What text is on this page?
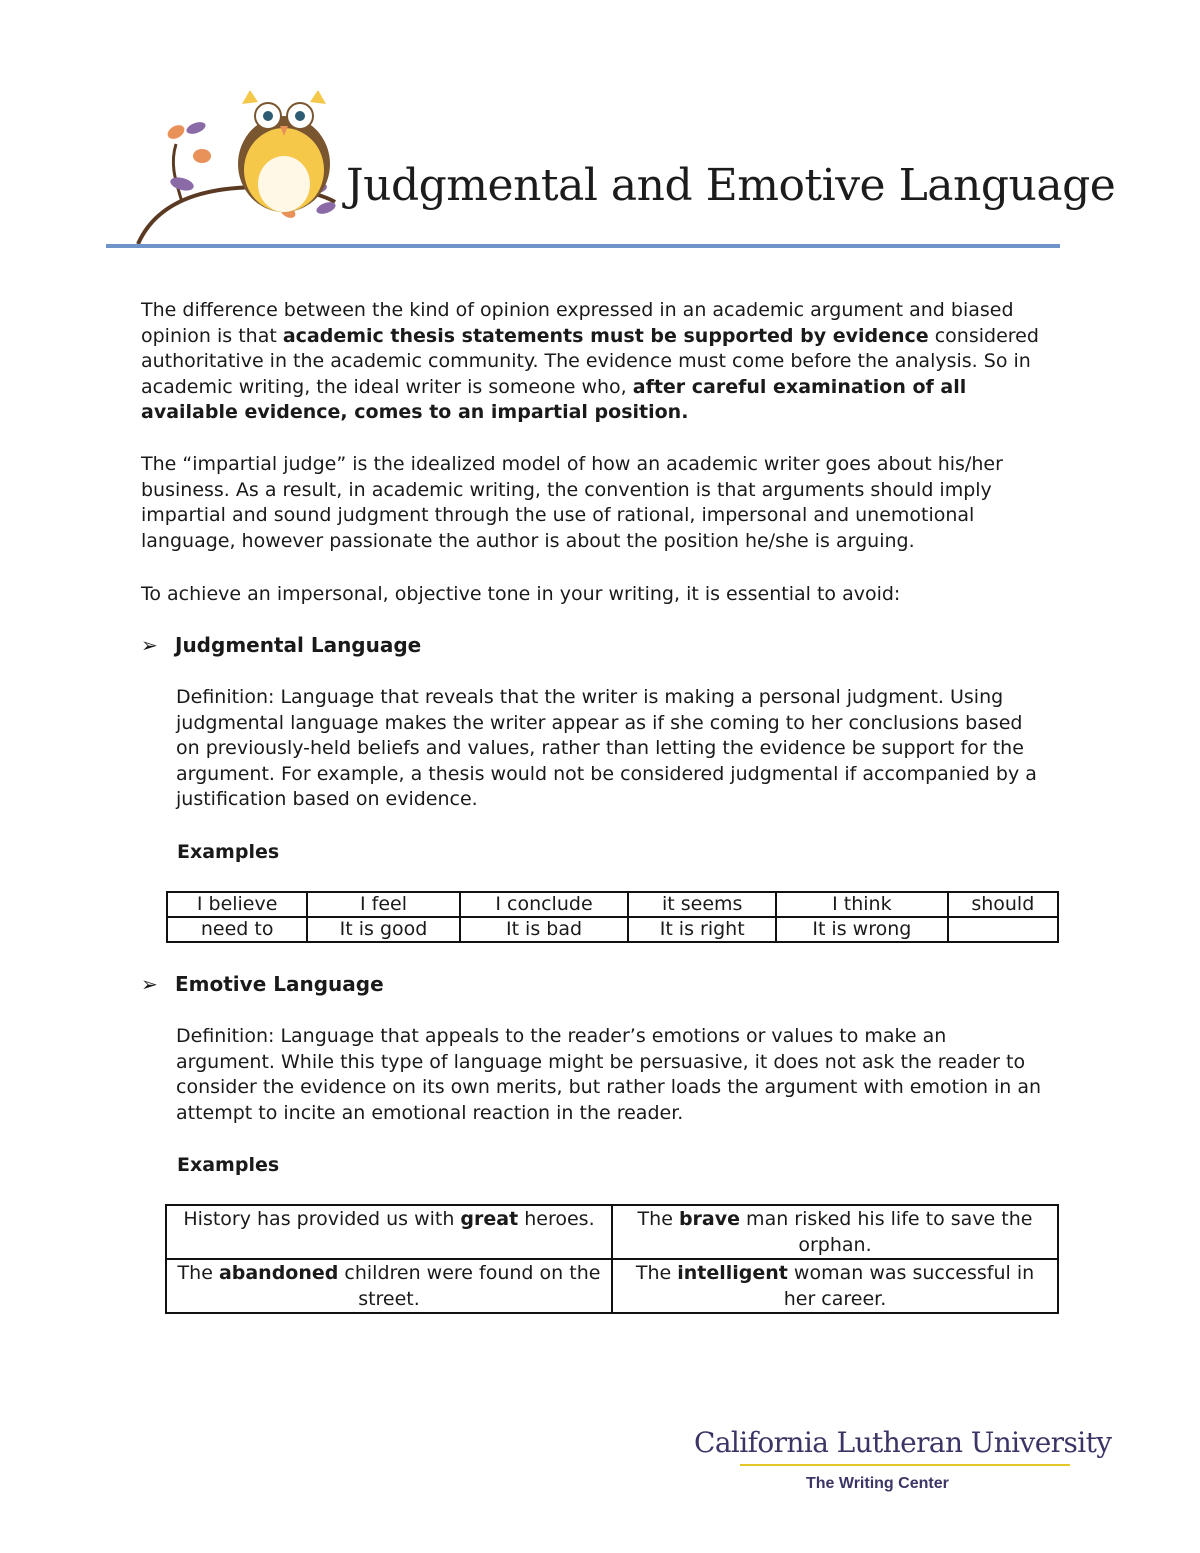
Judgmental and Emotive Language
The difference between the kind of opinion expressed in an academic argument and biased opinion is that academic thesis statements must be supported by evidence considered authoritative in the academic community. The evidence must come before the analysis. So in academic writing, the ideal writer is someone who, after careful examination of all available evidence, comes to an impartial position.
The “impartial judge” is the idealized model of how an academic writer goes about his/her business. As a result, in academic writing, the convention is that arguments should imply impartial and sound judgment through the use of rational, impersonal and unemotional language, however passionate the author is about the position he/she is arguing.
To achieve an impersonal, objective tone in your writing, it is essential to avoid:
➢ Judgmental Language
Definition: Language that reveals that the writer is making a personal judgment. Using judgmental language makes the writer appear as if she coming to her conclusions based on previously-held beliefs and values, rather than letting the evidence be support for the argument. For example, a thesis would not be considered judgmental if accompanied by a justification based on evidence.
Examples
I believe	I feel	I conclude	it seems	I think	should
need to	It is good	It is bad	It is right	It is wrong	
➢ Emotive Language
Definition: Language that appeals to the reader’s emotions or values to make an argument. While this type of language might be persuasive, it does not ask the reader to consider the evidence on its own merits, but rather loads the argument with emotion in an attempt to incite an emotional reaction in the reader.
Examples
History has provided us with great heroes.	The brave man risked his life to save the orphan.
The abandoned children were found on the street.	The intelligent woman was successful in her career.
California Lutheran University
The Writing Center
